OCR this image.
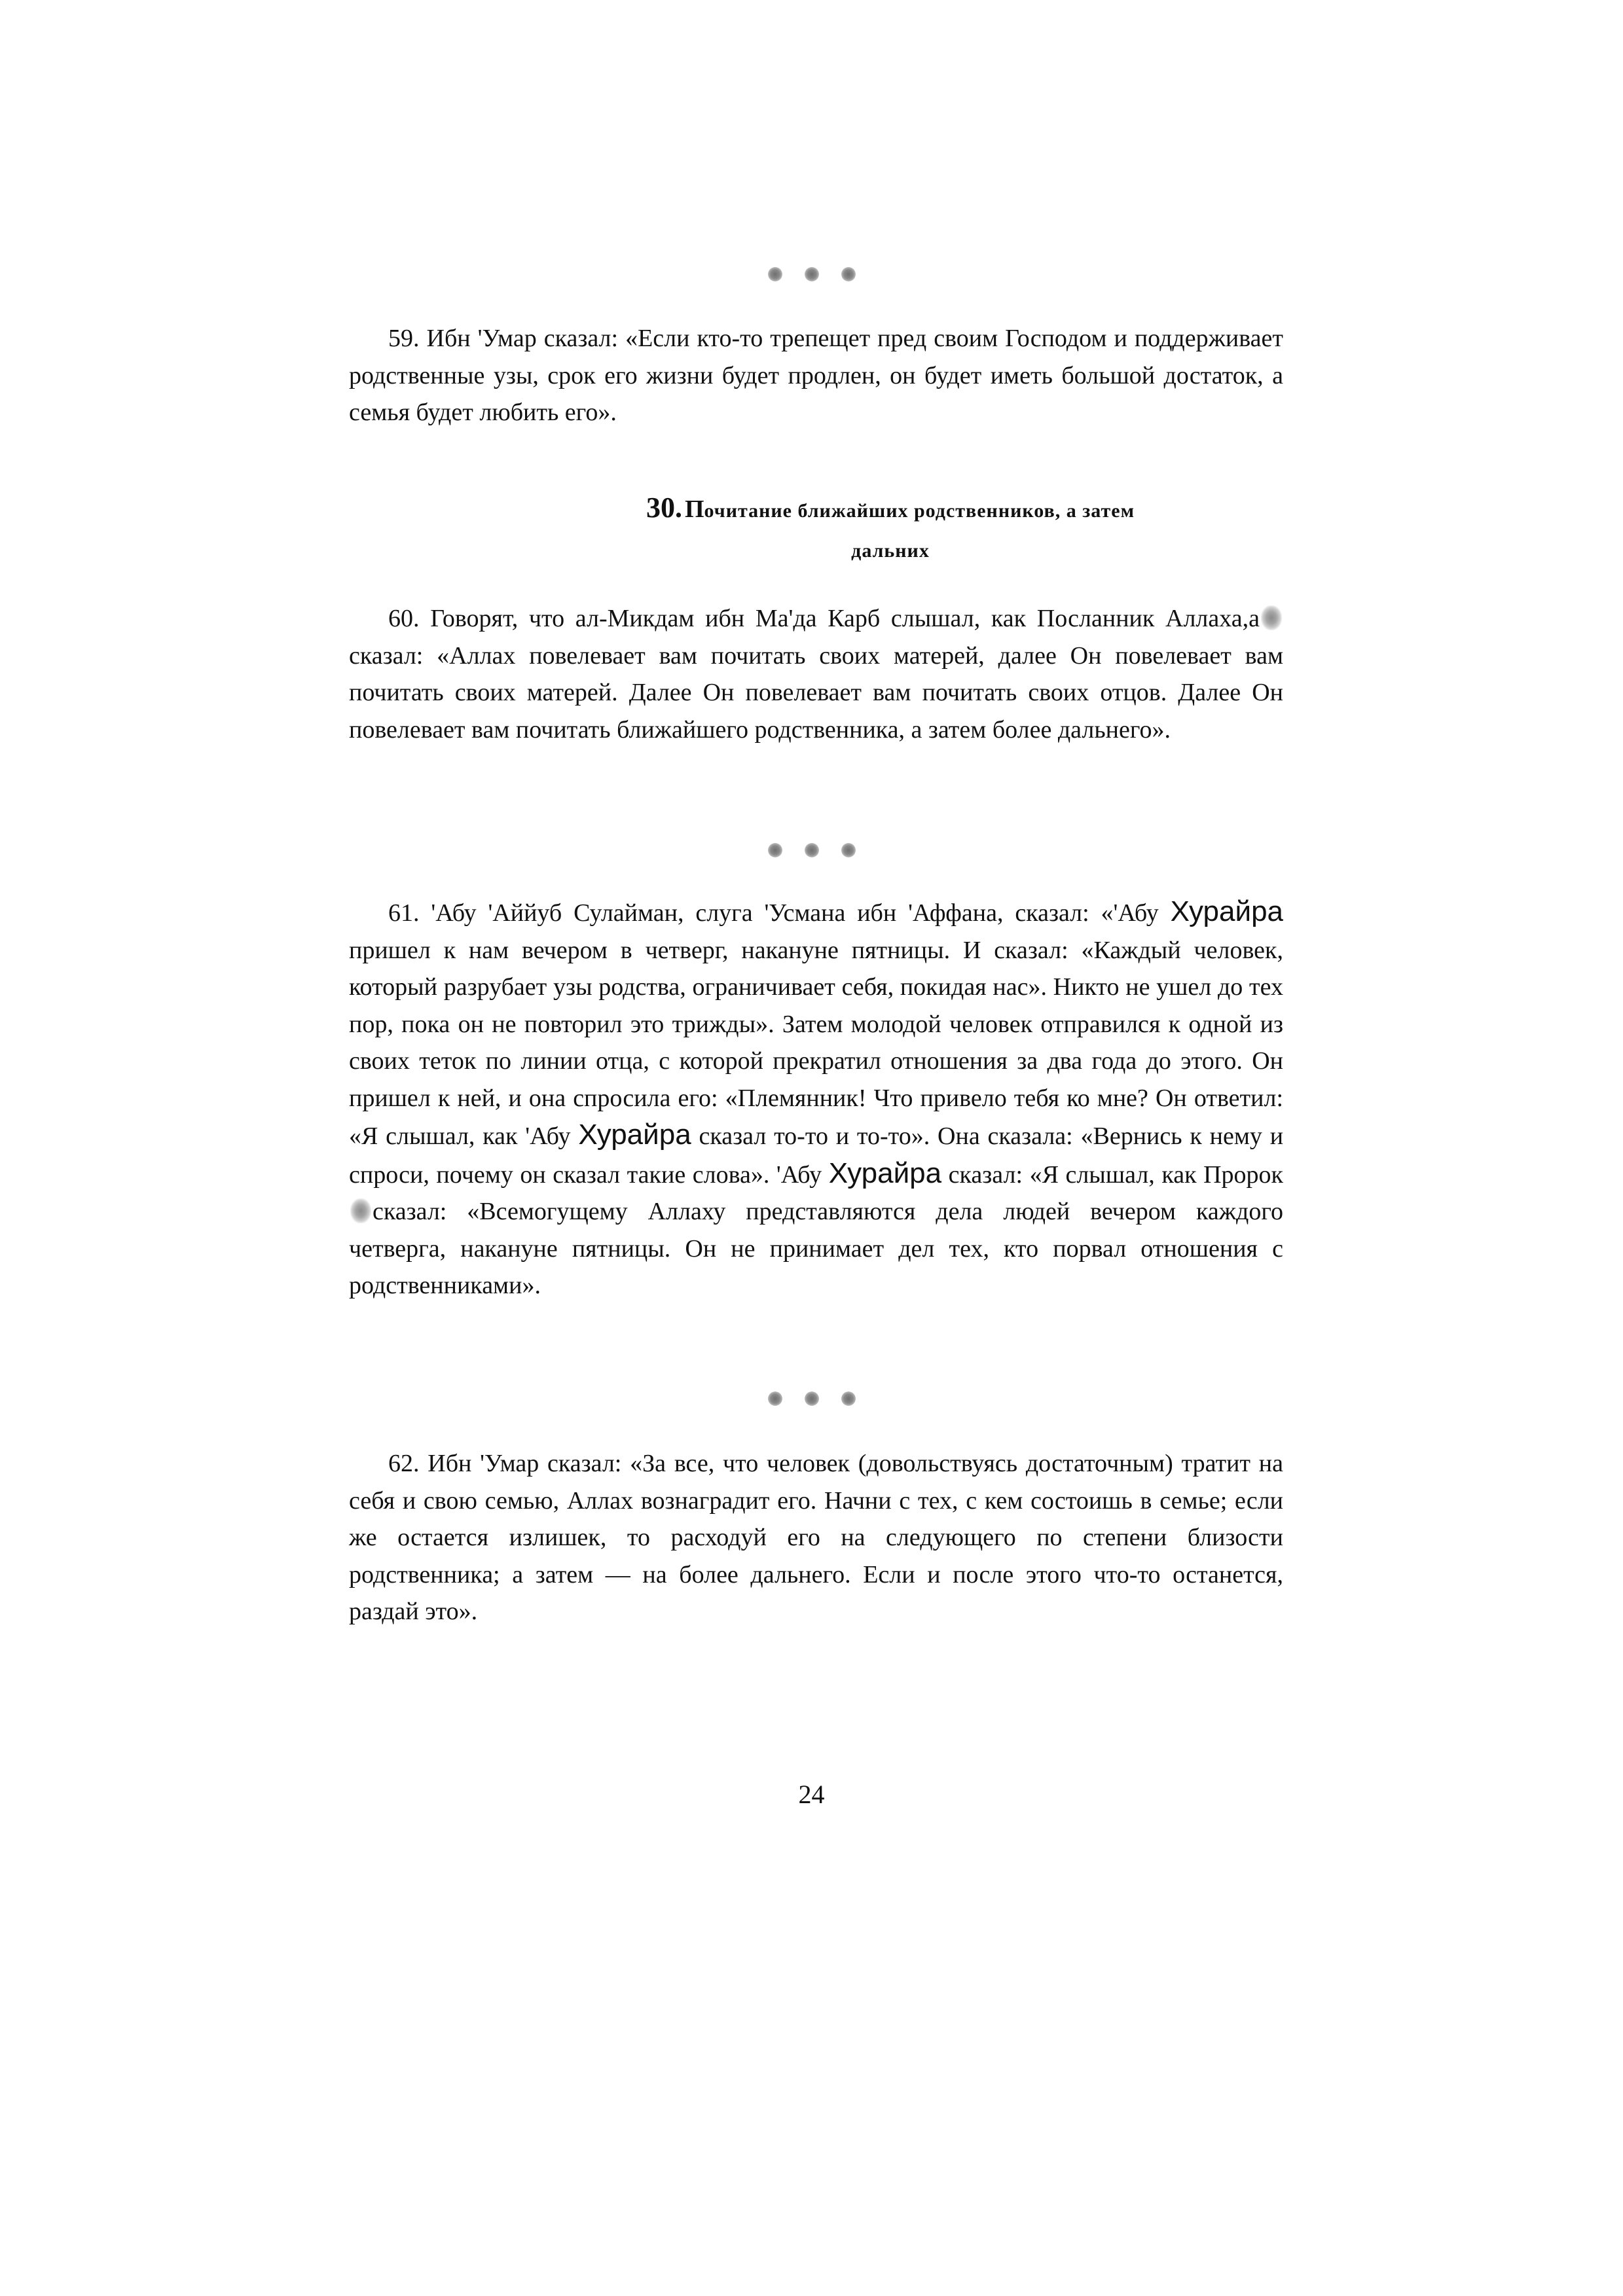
59. Ибн 'Умар сказал: «Если кто-то трепещет пред своим Господом и поддерживает родственные узы, срок его жизни будет продлен, он будет иметь большой достаток, а семья будет любить его».

30. Почитание ближайших родственников, а затем
дальних

60. Говорят, что ал-Микдам ибн Ма'да Карб слышал, как Посланник Аллаха,асказал: «Аллах повелевает вам почитать своих матерей, далее Он повелевает вам почитать своих матерей. Далее Он повелевает вам почитать своих отцов. Далее Он повелевает вам почитать ближайшего родственника, а затем более дальнего».

61. 'Абу 'Аййуб Сулайман, слуга 'Усмана ибн 'Аффана, сказал: «'Абу Хурайра пришел к нам вечером в четверг, накануне пятницы. И сказал: «Каждый человек, который разрубает узы родства, ограничивает себя, покидая нас». Никто не ушел до тех пор, пока он не повторил это трижды». Затем молодой человек отправился к одной из своих теток по линии отца, с которой прекратил отношения за два года до этого. Он пришел к ней, и она спросила его: «Племянник! Что привело тебя ко мне? Он ответил: «Я слышал, как 'Абу Хурайра сказал то-то и то-то». Она сказала: «Вернись к нему и спроси, почему он сказал такие слова». 'Абу Хурайра сказал: «Я слышал, как Пророксказал: «Всемогущему Аллаху представляются дела людей вечером каждого четверга, накануне пятницы. Он не принимает дел тех, кто порвал отношения с родственниками».

62. Ибн 'Умар сказал: «За все, что человек (довольствуясь достаточным) тратит на себя и свою семью, Аллах вознаградит его. Начни с тех, с кем состоишь в семье; если же остается излишек, то расходуй его на следующего по степени близости родственника; а затем — на более дальнего. Если и после этого что-то останется, раздай это».

24
